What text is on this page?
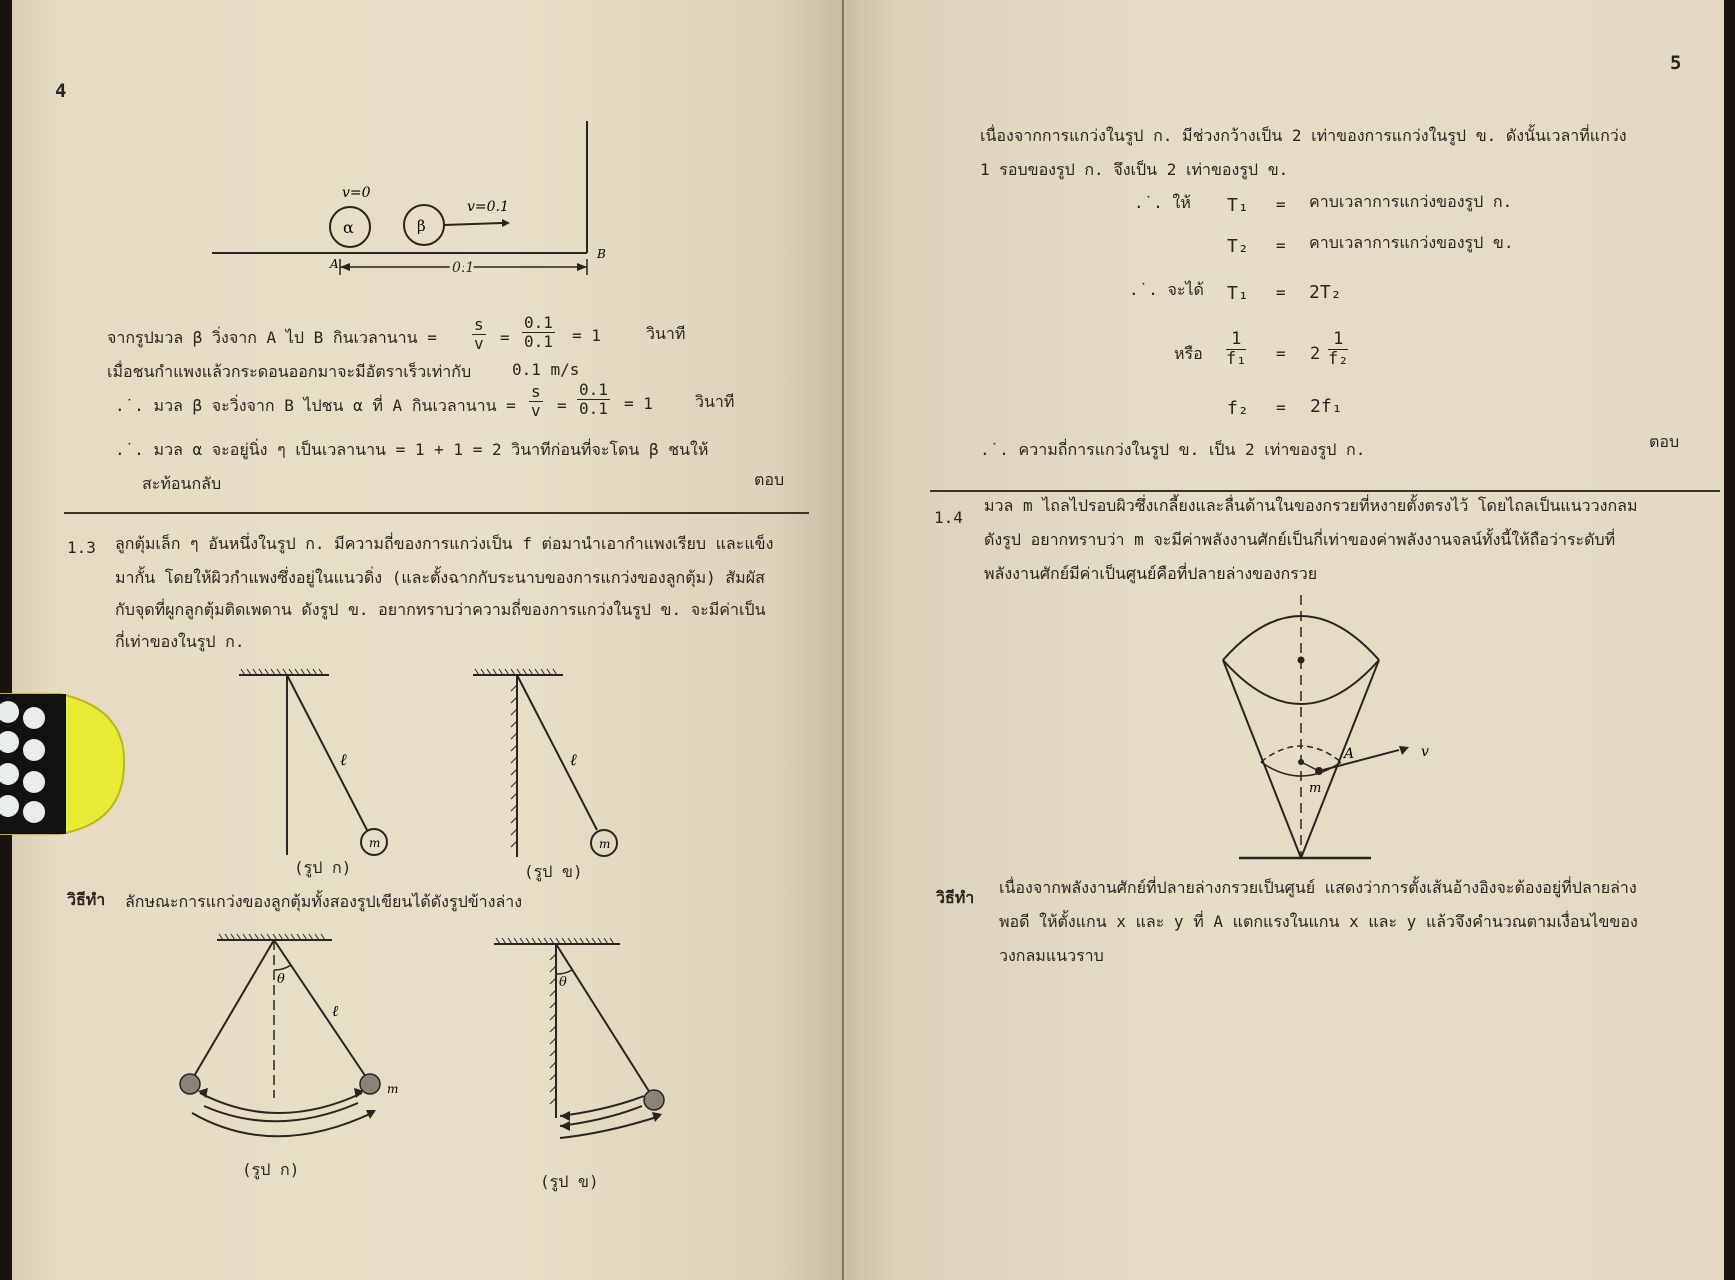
4
v=0
α	β
v=0.1
A
B
0.1
จากรูปมวล β วิ่งจาก A ไป B กินเวลานาน = $\frac{s}{v} = \frac{0.1}{0.1} = 1$	วินาที
เมื่อชนกำแพงแล้วกระดอนออกมาจะมีอัตราเร็วเท่ากับ	0.1 m/s
.˙. มวล β จะวิ่งจาก B ไปชน α ที่ A กินเวลานาน = $\frac{s}{v} = \frac{0.1}{0.1} = 1$	วินาที
.˙. มวล α จะอยู่นิ่ง ๆ เป็นเวลานาน = 1 + 1 = 2 วินาทีก่อนที่จะโดน β ชนให้
สะท้อนกลับ	ตอบ
1.3 ลูกตุ้มเล็ก ๆ อันหนึ่งในรูป ก. มีความถี่ของการแกว่งเป็น f ต่อมานำเอากำแพงเรียบ และแข็ง
มากั้น โดยให้ผิวกำแพงซึ่งอยู่ในแนวดิ่ง (และตั้งฉากกับระนาบของการแกว่งของลูกตุ้ม) สัมผัส
กับจุดที่ผูกลูกตุ้มติดเพดาน ดังรูป ข. อยากทราบว่าความถี่ของการแกว่งในรูป ข. จะมีค่าเป็น
กี่เท่าของในรูป ก.
m
ℓ
(รูป ก)
m
ℓ
(รูป ข)
วิธีทำ ลักษณะการแกว่งของลูกตุ้มทั้งสองรูปเขียนได้ดังรูปข้างล่าง
θ
ℓ
m
(รูป ก)
θ
(รูป ข)
5
เนื่องจากการแกว่งในรูป ก. มีช่วงกว้างเป็น 2 เท่าของการแกว่งในรูป ข. ดังนั้นเวลาที่แกว่ง
1 รอบของรูป ก. จึงเป็น 2 เท่าของรูป ข.
.˙. ให้ T₁ = คาบเวลาการแกว่งของรูป ก.
T₂ = คาบเวลาการแกว่งของรูป ข.
.˙. จะได้ T₁ = 2T₂
หรือ $\frac{1}{\text{f₁}} = 2 \frac{1}{\text{f₂}}$
f₂ = 2f₁
.˙. ความถี่การแกว่งในรูป ข. เป็น 2 เท่าของรูป ก.	ตอบ
1.4
มวล m ไถลไปรอบผิวซึ่งเกลี้ยงและลื่นด้านในของกรวยที่หงายตั้งตรงไว้ โดยไถลเป็นแนววงกลม
ดังรูป อยากทราบว่า m จะมีค่าพลังงานศักย์เป็นกี่เท่าของค่าพลังงานจลน์ทั้งนี้ให้ถือว่าระดับที่
พลังงานศักย์มีค่าเป็นศูนย์คือที่ปลายล่างของกรวย
A	v
m
วิธีทำ
เนื่องจากพลังงานศักย์ที่ปลายล่างกรวยเป็นศูนย์ แสดงว่าการตั้งเส้นอ้างอิงจะต้องอยู่ที่ปลายล่าง
พอดี ให้ตั้งแกน x และ y ที่ A แตกแรงในแกน x และ y แล้วจึงคำนวณตามเงื่อนไขของ
วงกลมแนวราบ
